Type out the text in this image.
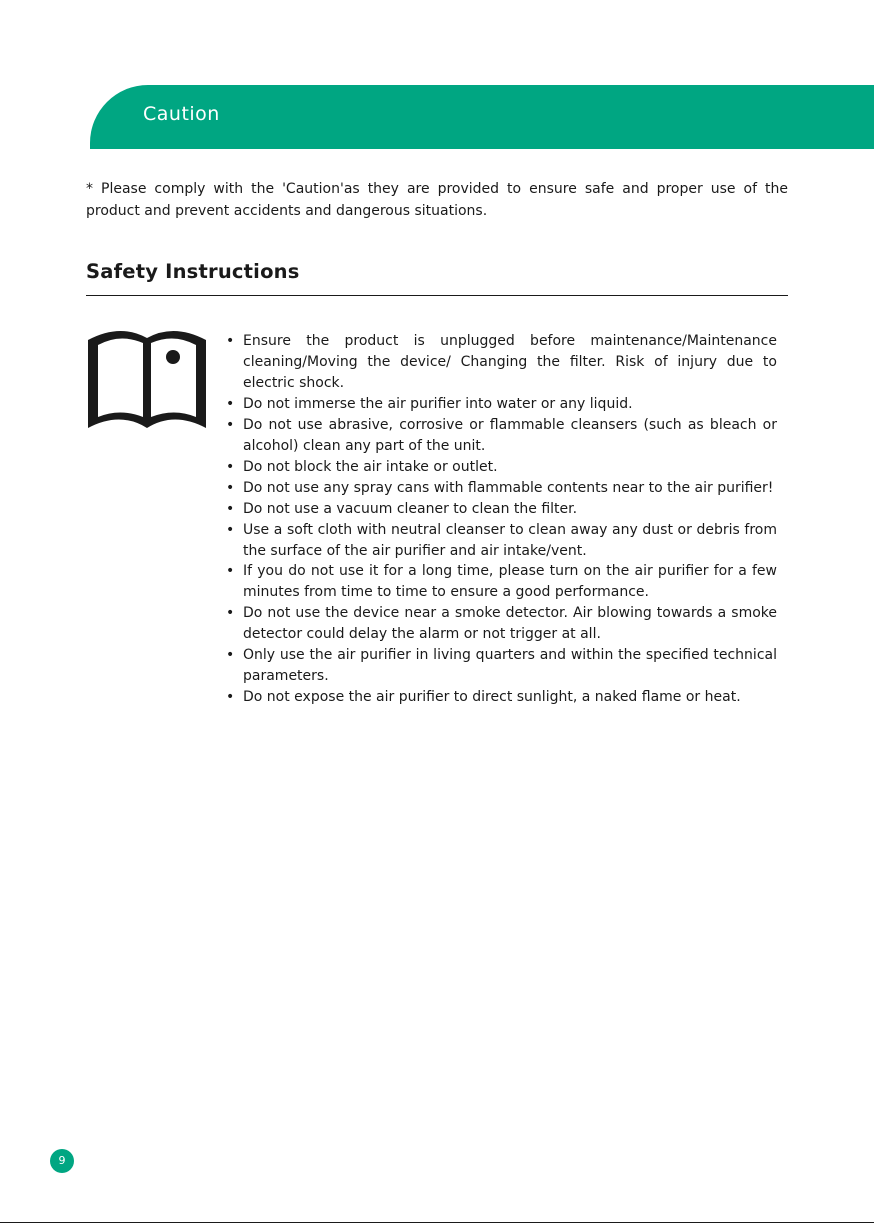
Caution

* Please comply with the 'Caution'as they are provided to ensure safe and proper use of the product and prevent accidents and dangerous situations.

Safety Instructions
• Ensure the product is unplugged before maintenance/Maintenance cleaning/Moving the device/ Changing the filter. Risk of injury due to electric shock.
• Do not immerse the air purifier into water or any liquid.
• Do not use abrasive, corrosive or flammable cleansers (such as bleach or alcohol) clean any part of the unit.
• Do not block the air intake or outlet.
• Do not use any spray cans with flammable contents near to the air purifier!
• Do not use a vacuum cleaner to clean the filter.
• Use a soft cloth with neutral cleanser to clean away any dust or debris from the surface of the air purifier and air intake/vent.
• If you do not use it for a long time, please turn on the air purifier for a few minutes from time to time to ensure a good performance.
• Do not use the device near a smoke detector. Air blowing towards a smoke detector could delay the alarm or not trigger at all.
• Only use the air purifier in living quarters and within the specified technical parameters.
• Do not expose the air purifier to direct sunlight, a naked flame or heat.
9
